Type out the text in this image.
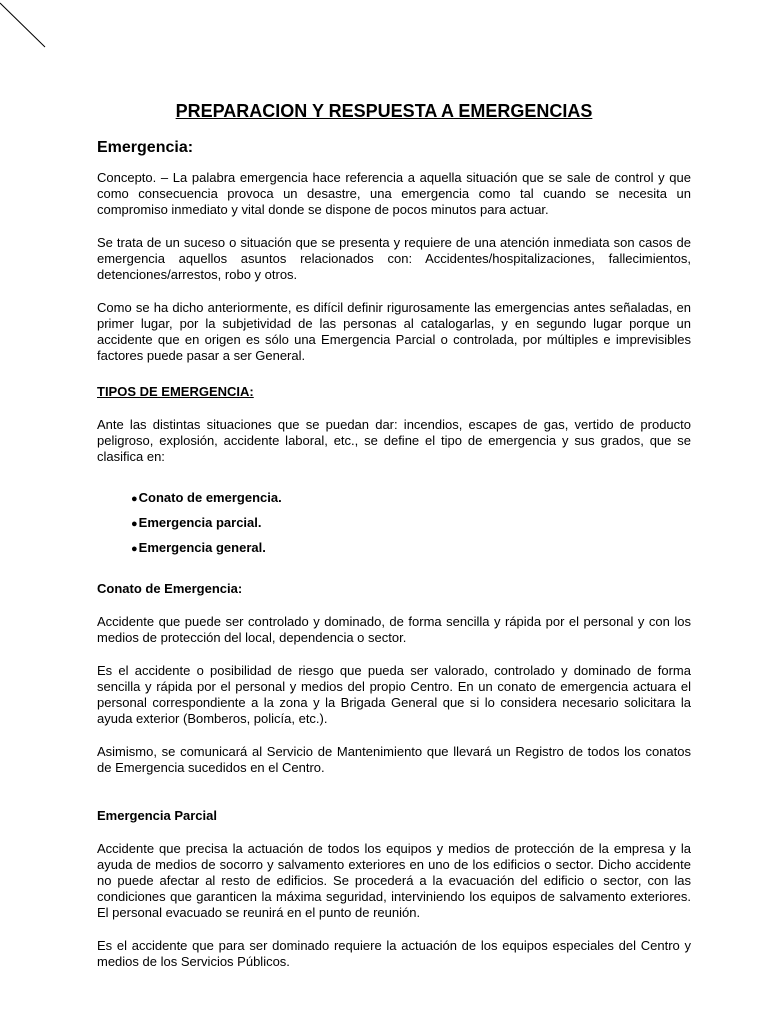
PREPARACION Y RESPUESTA A EMERGENCIAS
Emergencia:

Concepto. – La palabra emergencia hace referencia a aquella situación que se sale de control y que como consecuencia provoca un desastre, una emergencia como tal cuando se necesita un compromiso inmediato y vital donde se dispone de pocos minutos para actuar.

Se trata de un suceso o situación que se presenta y requiere de una atención inmediata son casos de emergencia aquellos asuntos relacionados con: Accidentes/hospitalizaciones, fallecimientos, detenciones/arrestos, robo y otros.

Como se ha dicho anteriormente, es difícil definir rigurosamente las emergencias antes señaladas, en primer lugar, por la subjetividad de las personas al catalogarlas, y en segundo lugar porque un accidente que en origen es sólo una Emergencia Parcial o controlada, por múltiples e imprevisibles factores puede pasar a ser General.

TIPOS DE EMERGENCIA:

Ante las distintas situaciones que se puedan dar: incendios, escapes de gas, vertido de producto peligroso, explosión, accidente laboral, etc., se define el tipo de emergencia y sus grados, que se clasifica en:

●Conato de emergencia.
●Emergencia parcial.
●Emergencia general.
Conato de Emergencia:

Accidente que puede ser controlado y dominado, de forma sencilla y rápida por el personal y con los medios de protección del local, dependencia o sector.

Es el accidente o posibilidad de riesgo que pueda ser valorado, controlado y dominado de forma sencilla y rápida por el personal y medios del propio Centro. En un conato de emergencia actuara el personal correspondiente a la zona y la Brigada General que si lo considera necesario solicitara la ayuda exterior (Bomberos, policía, etc.).

Asimismo, se comunicará al Servicio de Mantenimiento que llevará un Registro de todos los conatos de Emergencia sucedidos en el Centro.

Emergencia Parcial

Accidente que precisa la actuación de todos los equipos y medios de protección de la empresa y la ayuda de medios de socorro y salvamento exteriores en uno de los edificios o sector. Dicho accidente no puede afectar al resto de edificios. Se procederá a la evacuación del edificio o sector, con las condiciones que garanticen la máxima seguridad, interviniendo los equipos de salvamento exteriores. El personal evacuado se reunirá en el punto de reunión.

Es el accidente que para ser dominado requiere la actuación de los equipos especiales del Centro y medios de los Servicios Públicos.
